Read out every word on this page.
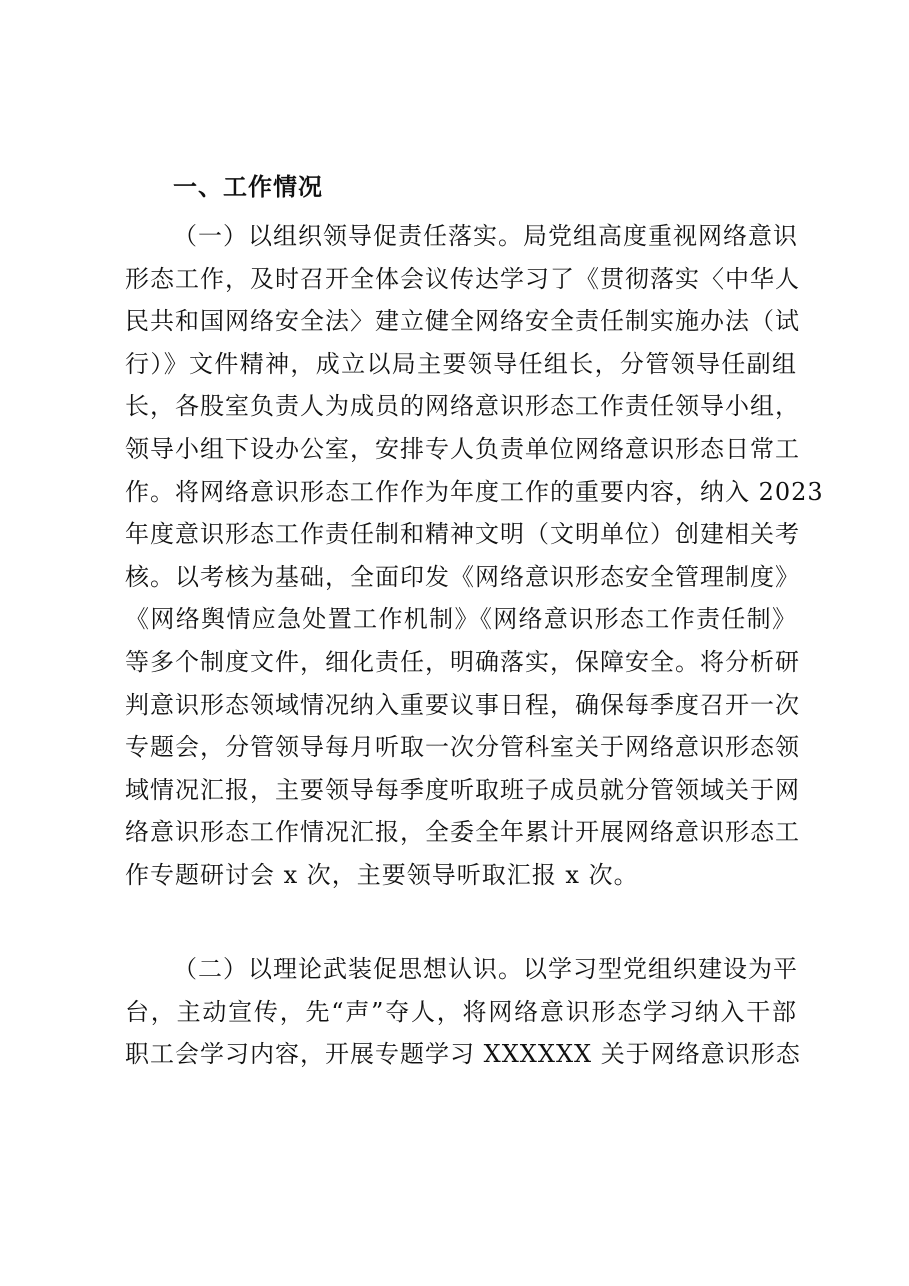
一、工作情况
（一）以组织领导促责任落实。局党组高度重视网络意识
形态工作，及时召开全体会议传达学习了《贯彻落实〈中华人
民共和国网络安全法〉建立健全网络安全责任制实施办法（试
行）》文件精神，成立以局主要领导任组长，分管领导任副组
长，各股室负责人为成员的网络意识形态工作责任领导小组，
领导小组下设办公室，安排专人负责单位网络意识形态日常工
作。将网络意识形态工作作为年度工作的重要内容，纳入 2023
年度意识形态工作责任制和精神文明（文明单位）创建相关考
核。以考核为基础，全面印发《网络意识形态安全管理制度》
《网络舆情应急处置工作机制》《网络意识形态工作责任制》
等多个制度文件，细化责任，明确落实，保障安全。将分析研
判意识形态领域情况纳入重要议事日程，确保每季度召开一次
专题会，分管领导每月听取一次分管科室关于网络意识形态领
域情况汇报，主要领导每季度听取班子成员就分管领域关于网
络意识形态工作情况汇报，全委全年累计开展网络意识形态工
作专题研讨会 x 次，主要领导听取汇报 x 次。
（二）以理论武装促思想认识。以学习型党组织建设为平
台，主动宣传，先“声”夺人，将网络意识形态学习纳入干部
职工会学习内容，开展专题学习 XXXXXX 关于网络意识形态
